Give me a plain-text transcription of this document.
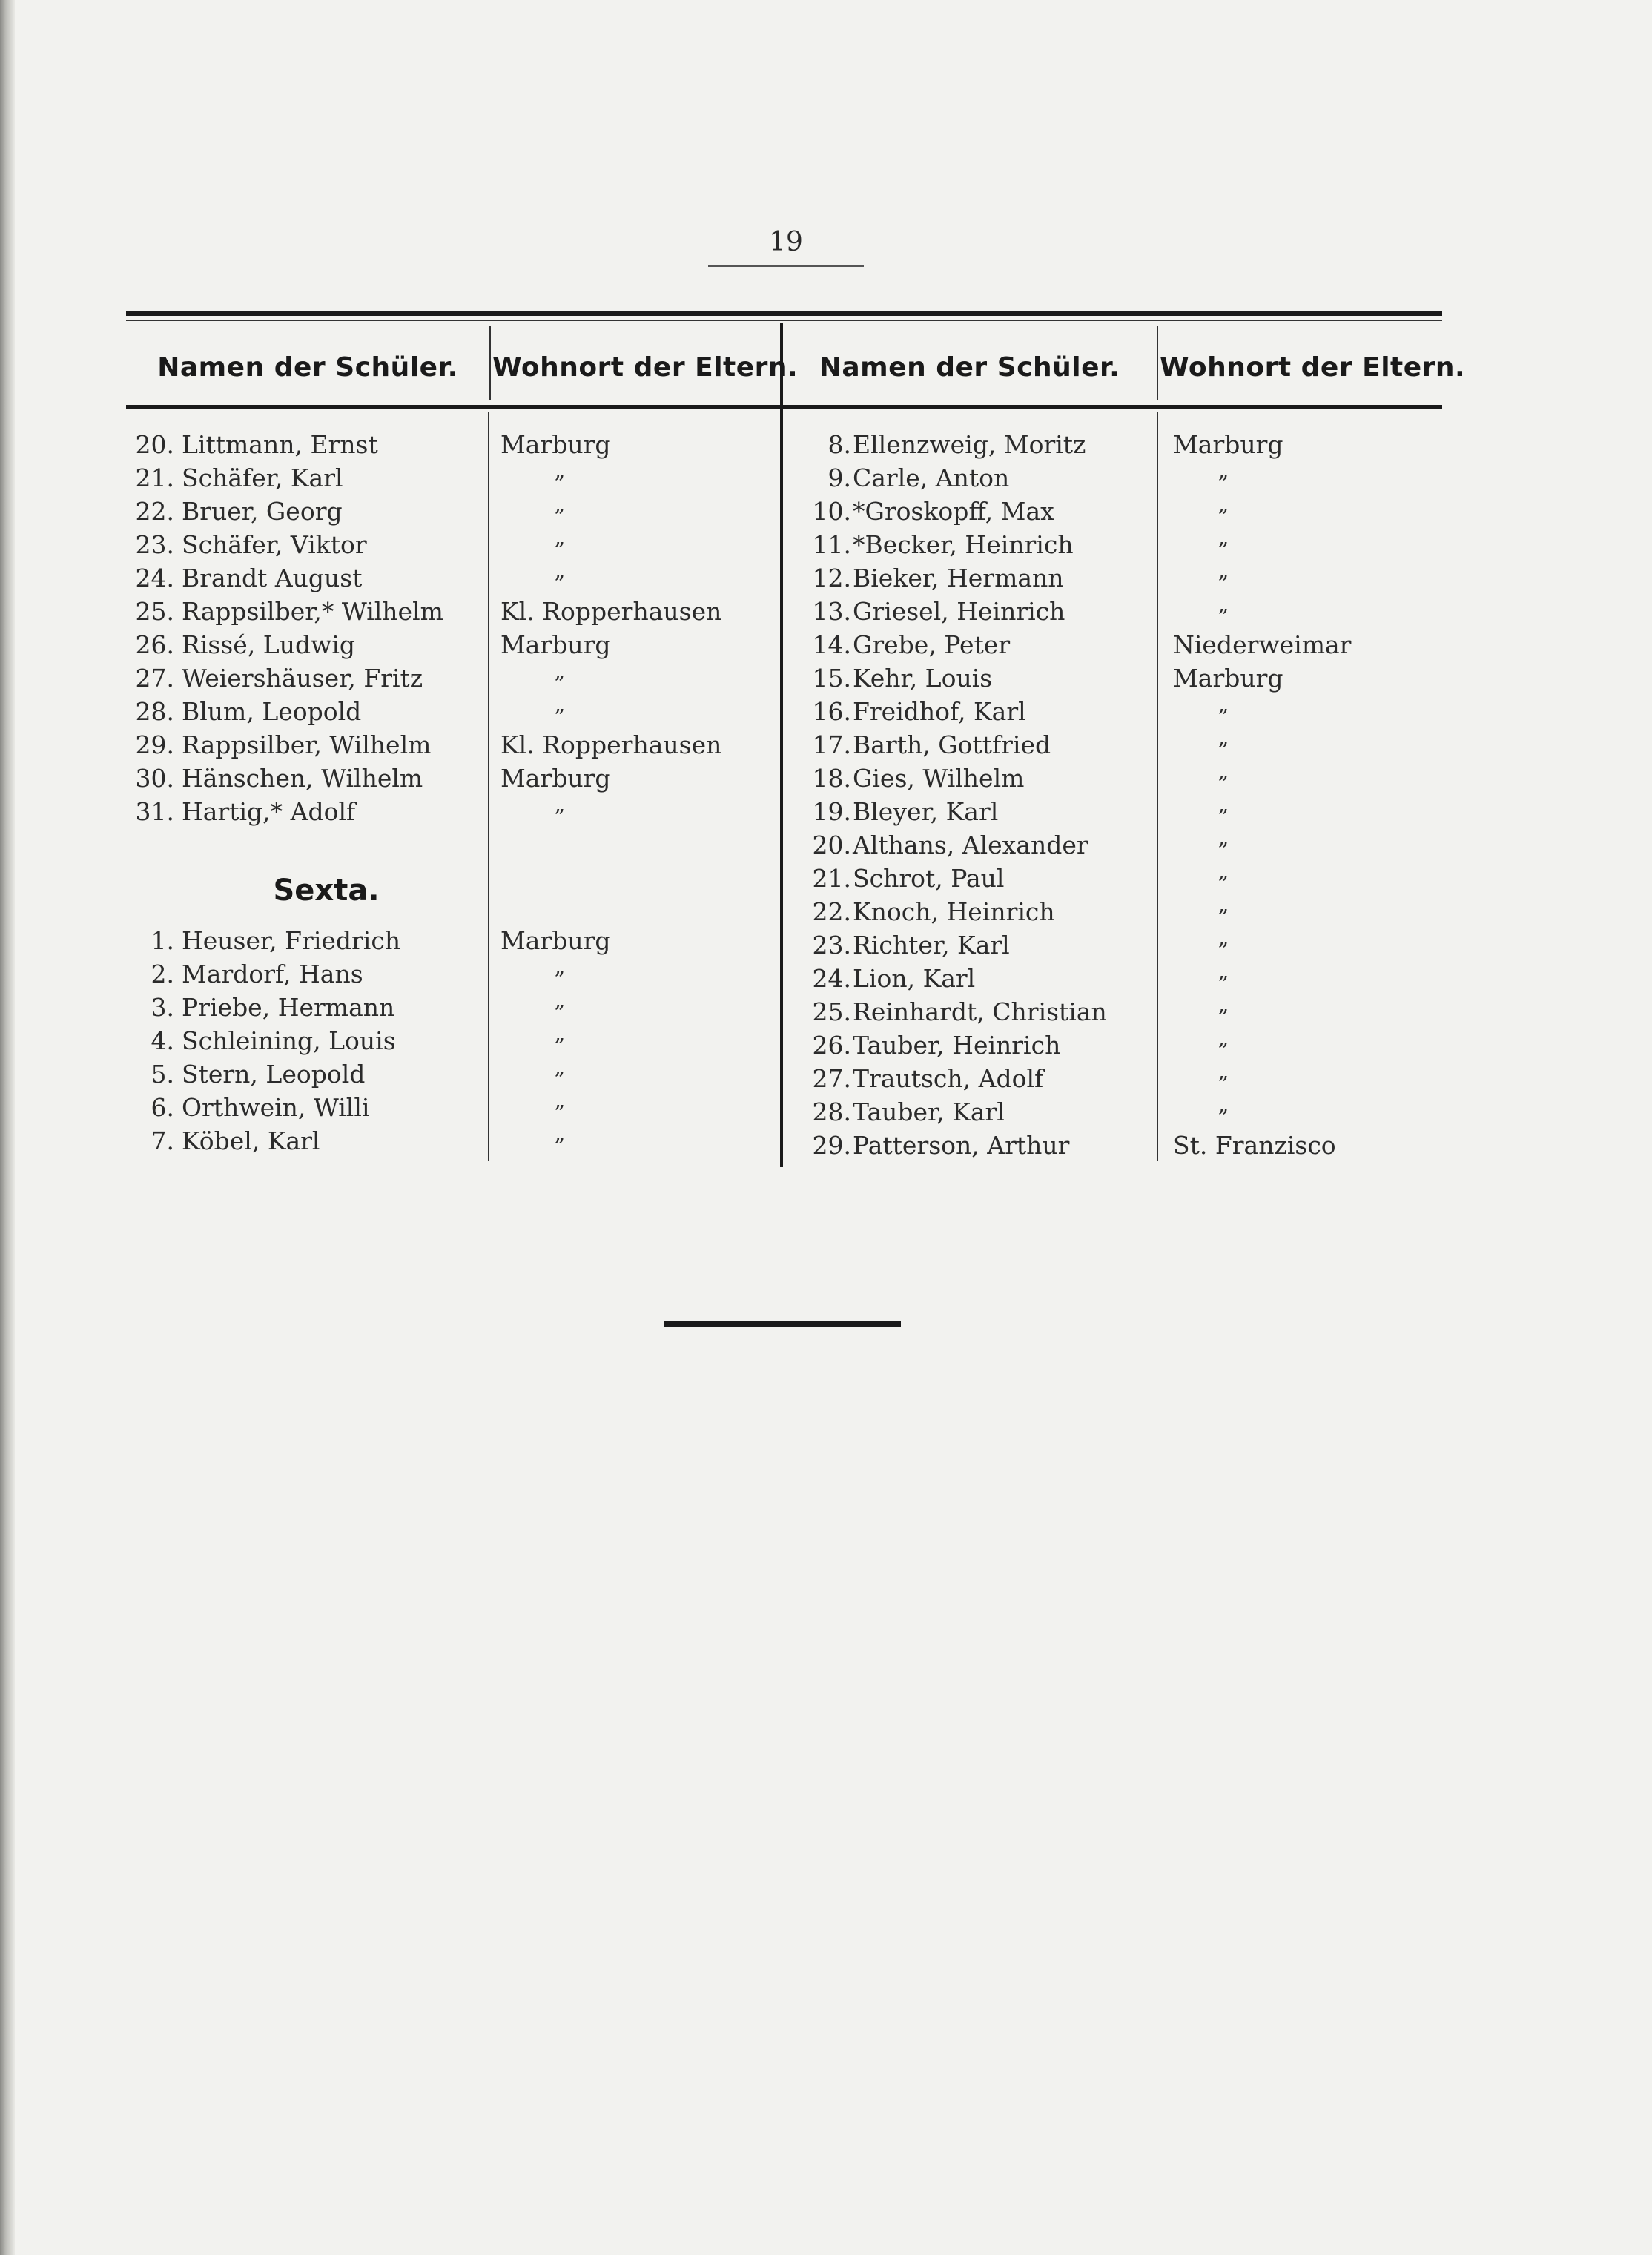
19
Namen der Schüler.	Wohnort der Eltern. Namen der Schüler.	Wohnort der Eltern.
20. Littmann, Ernst	Marburg
21. Schäfer, Karl	„
22. Bruer, Georg	„
23. Schäfer, Viktor	„
24. Brandt August	„
25. Rappsilber,* Wilhelm Kl. Ropperhausen
26. Rissé, Ludwig	Marburg
27. Weiershäuser, Fritz	„
28. Blum, Leopold	„
29. Rappsilber, Wilhelm	Kl. Ropperhausen
30. Hänschen, Wilhelm	Marburg
31. Hartig,* Adolf	„
Sexta.
1. Heuser, Friedrich	Marburg
2. Mardorf, Hans	„
3. Priebe, Hermann	„
4. Schleining, Louis	„
5. Stern, Leopold	„
6. Orthwein, Willi	„
7. Köbel, Karl	„
8. Ellenzweig, Moritz	Marburg
9. Carle, Anton	„
10. *Groskopff, Max	„
11. *Becker, Heinrich	„
12. Bieker, Hermann	„
13. Griesel, Heinrich	„
14. Grebe, Peter	Niederweimar
15. Kehr, Louis	Marburg
16. Freidhof, Karl	„
17. Barth, Gottfried	„
18. Gies, Wilhelm	„
19. Bleyer, Karl	„
20. Althans, Alexander	„
21. Schrot, Paul	„
22. Knoch, Heinrich	„
23. Richter, Karl	„
24. Lion, Karl	„
25. Reinhardt, Christian	„
26. Tauber, Heinrich	„
27. Trautsch, Adolf	„
28. Tauber, Karl	„
29. Patterson, Arthur	St. Franzisco
